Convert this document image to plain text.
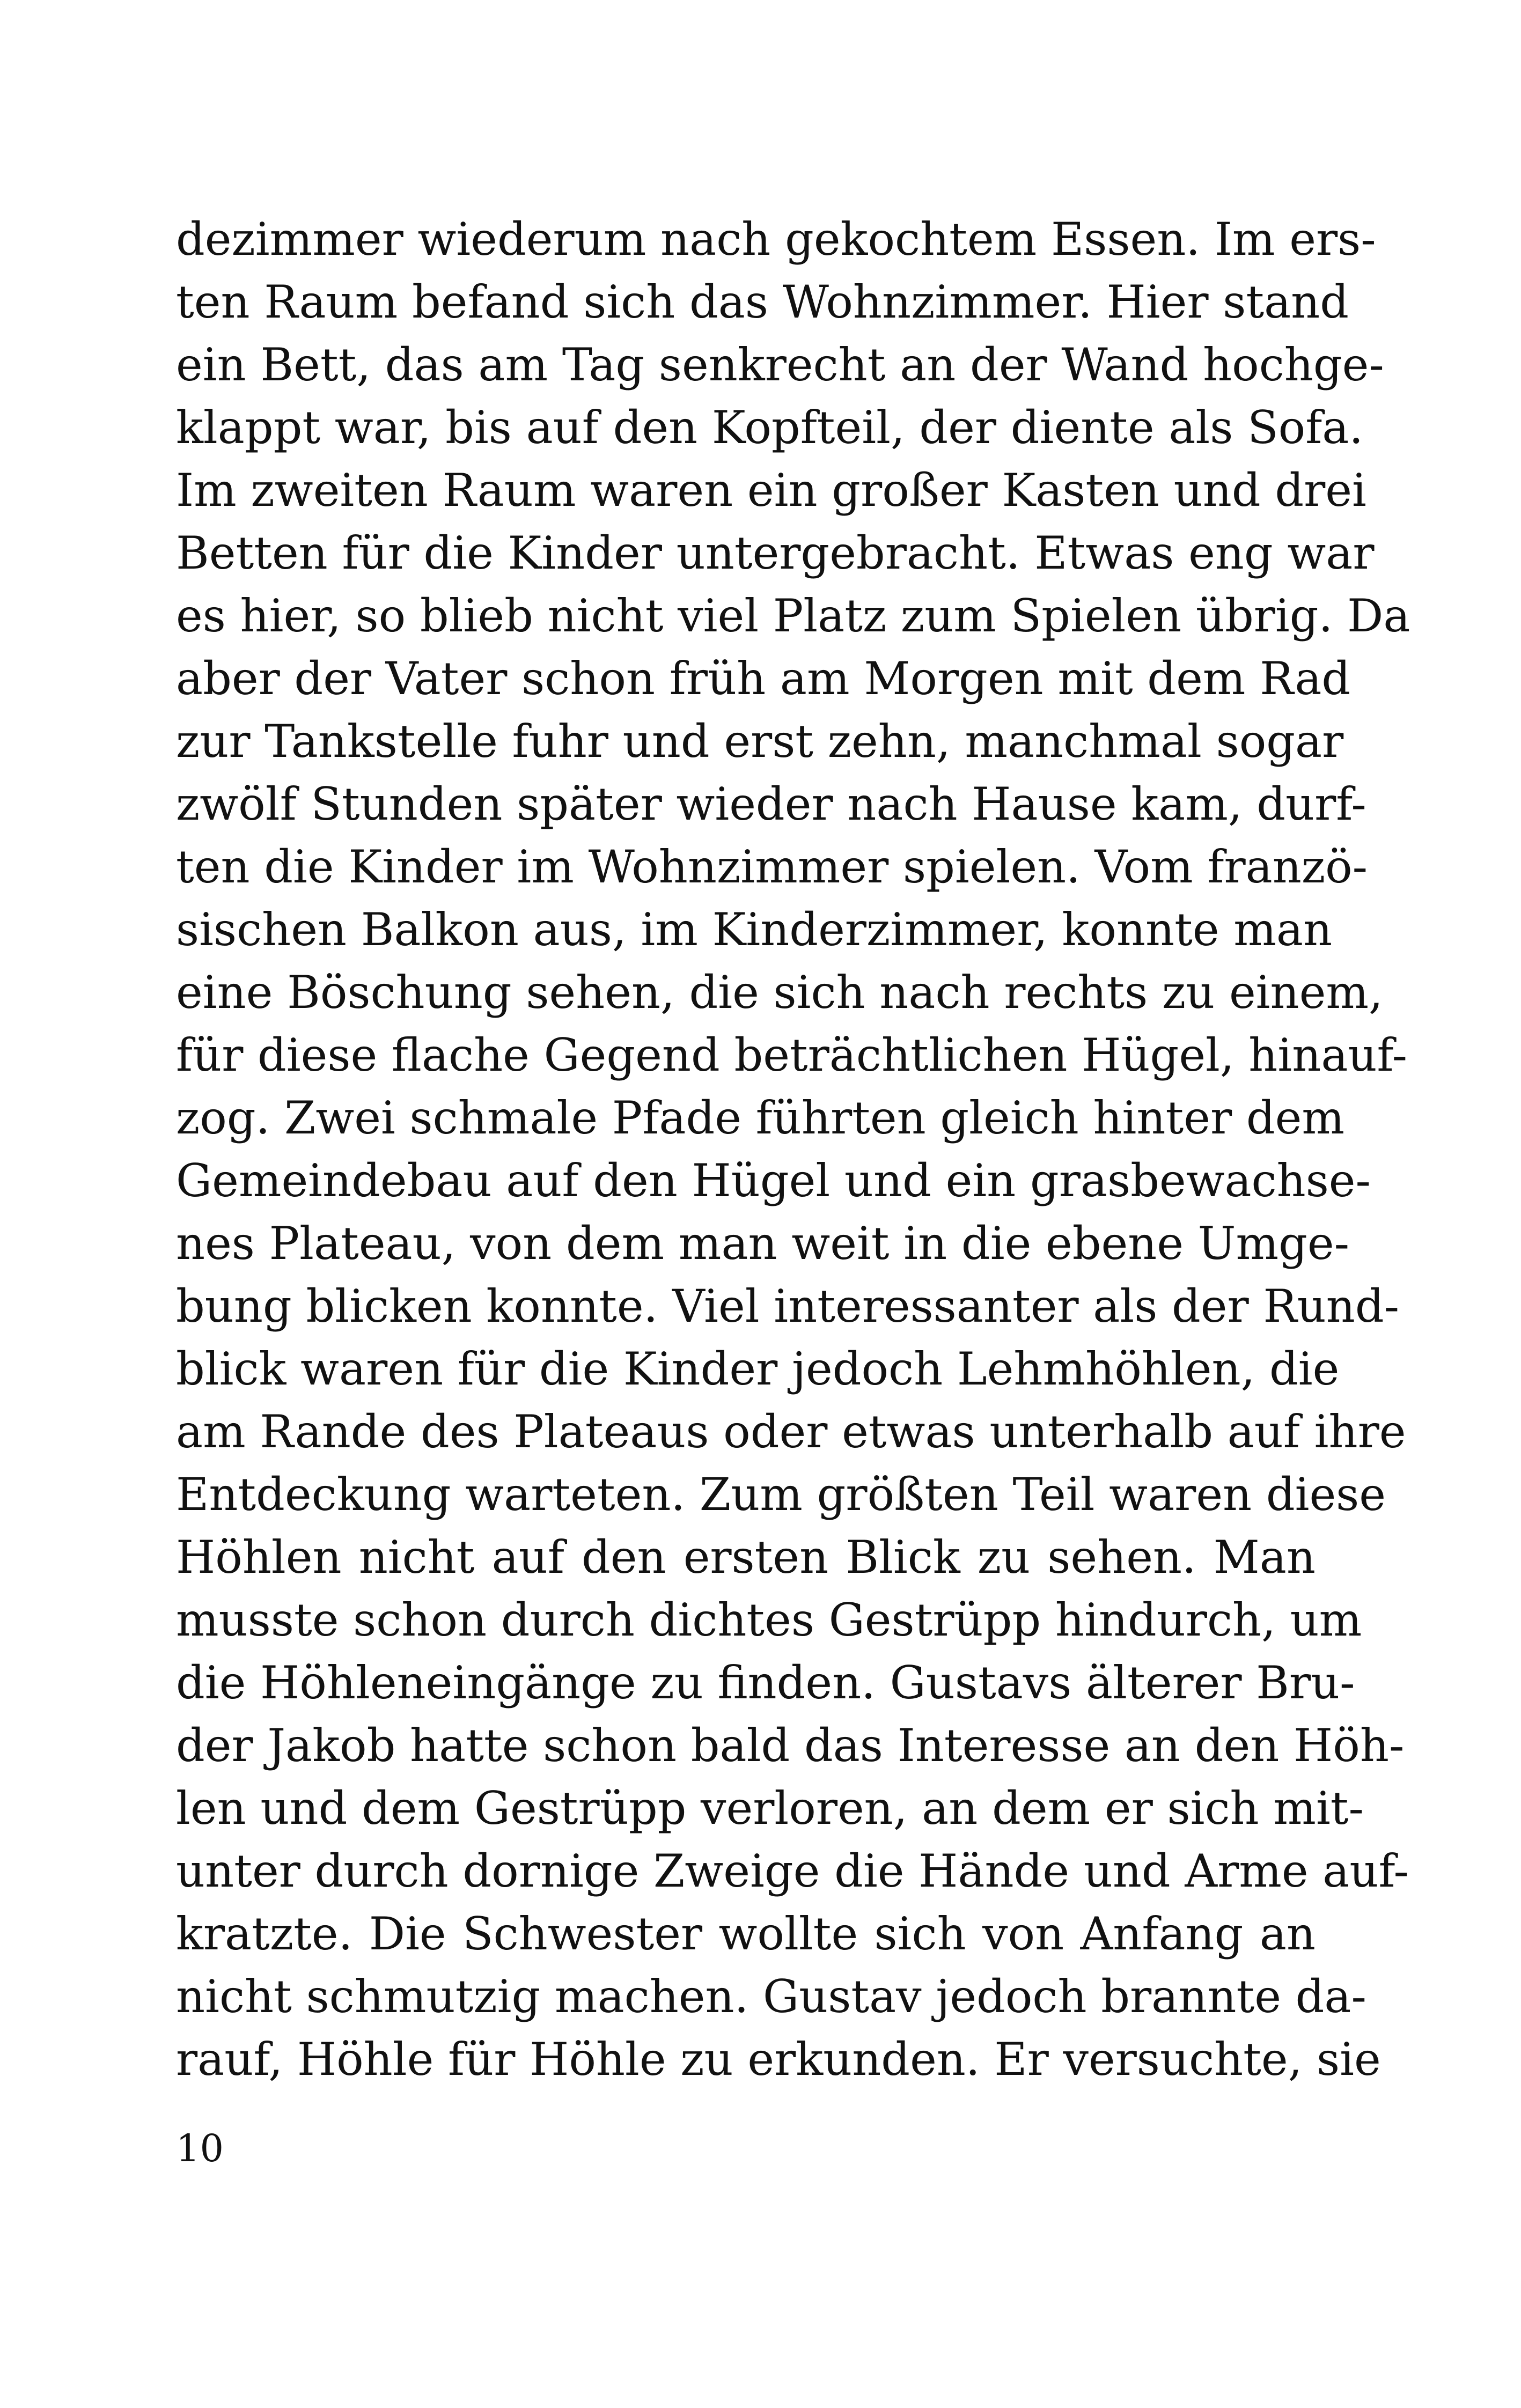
dezimmer wiederum nach gekochtem Essen. Im ers-
ten Raum befand sich das Wohnzimmer. Hier stand
ein Bett, das am Tag senkrecht an der Wand hochge-
klappt war, bis auf den Kopfteil, der diente als Sofa.
Im zweiten Raum waren ein großer Kasten und drei
Betten für die Kinder untergebracht. Etwas eng war
es hier, so blieb nicht viel Platz zum Spielen übrig. Da
aber der Vater schon früh am Morgen mit dem Rad
zur Tankstelle fuhr und erst zehn, manchmal sogar
zwölf Stunden später wieder nach Hause kam, durf-
ten die Kinder im Wohnzimmer spielen. Vom franzö-
sischen Balkon aus, im Kinderzimmer, konnte man
eine Böschung sehen, die sich nach rechts zu einem,
für diese flache Gegend beträchtlichen Hügel, hinauf-
zog. Zwei schmale Pfade führten gleich hinter dem
Gemeindebau auf den Hügel und ein grasbewachse-
nes Plateau, von dem man weit in die ebene Umge-
bung blicken konnte. Viel interessanter als der Rund-
blick waren für die Kinder jedoch Lehmhöhlen, die
am Rande des Plateaus oder etwas unterhalb auf ihre
Entdeckung warteten. Zum größten Teil waren diese
Höhlen nicht auf den ersten Blick zu sehen. Man
musste schon durch dichtes Gestrüpp hindurch, um
die Höhleneingänge zu finden. Gustavs älterer Bru-
der Jakob hatte schon bald das Interesse an den Höh-
len und dem Gestrüpp verloren, an dem er sich mit-
unter durch dornige Zweige die Hände und Arme auf-
kratzte. Die Schwester wollte sich von Anfang an
nicht schmutzig machen. Gustav jedoch brannte da-
rauf, Höhle für Höhle zu erkunden. Er versuchte, sie
10
